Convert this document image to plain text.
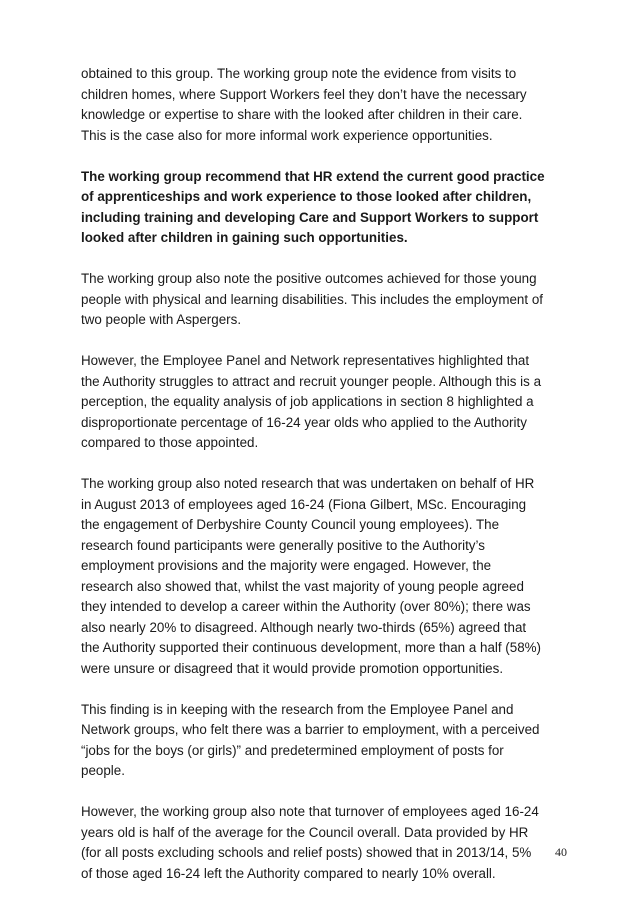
obtained to this group. The working group note the evidence from visits to
children homes, where Support Workers feel they don’t have the necessary
knowledge or expertise to share with the looked after children in their care.
This is the case also for more informal work experience opportunities.

The working group recommend that HR extend the current good practice
of apprenticeships and work experience to those looked after children,
including training and developing Care and Support Workers to support
looked after children in gaining such opportunities.

The working group also note the positive outcomes achieved for those young
people with physical and learning disabilities. This includes the employment of
two people with Aspergers.

However, the Employee Panel and Network representatives highlighted that
the Authority struggles to attract and recruit younger people. Although this is a
perception, the equality analysis of job applications in section 8 highlighted a
disproportionate percentage of 16-24 year olds who applied to the Authority
compared to those appointed.

The working group also noted research that was undertaken on behalf of HR
in August 2013 of employees aged 16-24 (Fiona Gilbert, MSc. Encouraging
the engagement of Derbyshire County Council young employees). The
research found participants were generally positive to the Authority’s
employment provisions and the majority were engaged. However, the
research also showed that, whilst the vast majority of young people agreed
they intended to develop a career within the Authority (over 80%); there was
also nearly 20% to disagreed. Although nearly two-thirds (65%) agreed that
the Authority supported their continuous development, more than a half (58%)
were unsure or disagreed that it would provide promotion opportunities.

This finding is in keeping with the research from the Employee Panel and
Network groups, who felt there was a barrier to employment, with a perceived
“jobs for the boys (or girls)” and predetermined employment of posts for
people.

However, the working group also note that turnover of employees aged 16-24
years old is half of the average for the Council overall. Data provided by HR
(for all posts excluding schools and relief posts) showed that in 2013/14, 5%
of those aged 16-24 left the Authority compared to nearly 10% overall.

40
